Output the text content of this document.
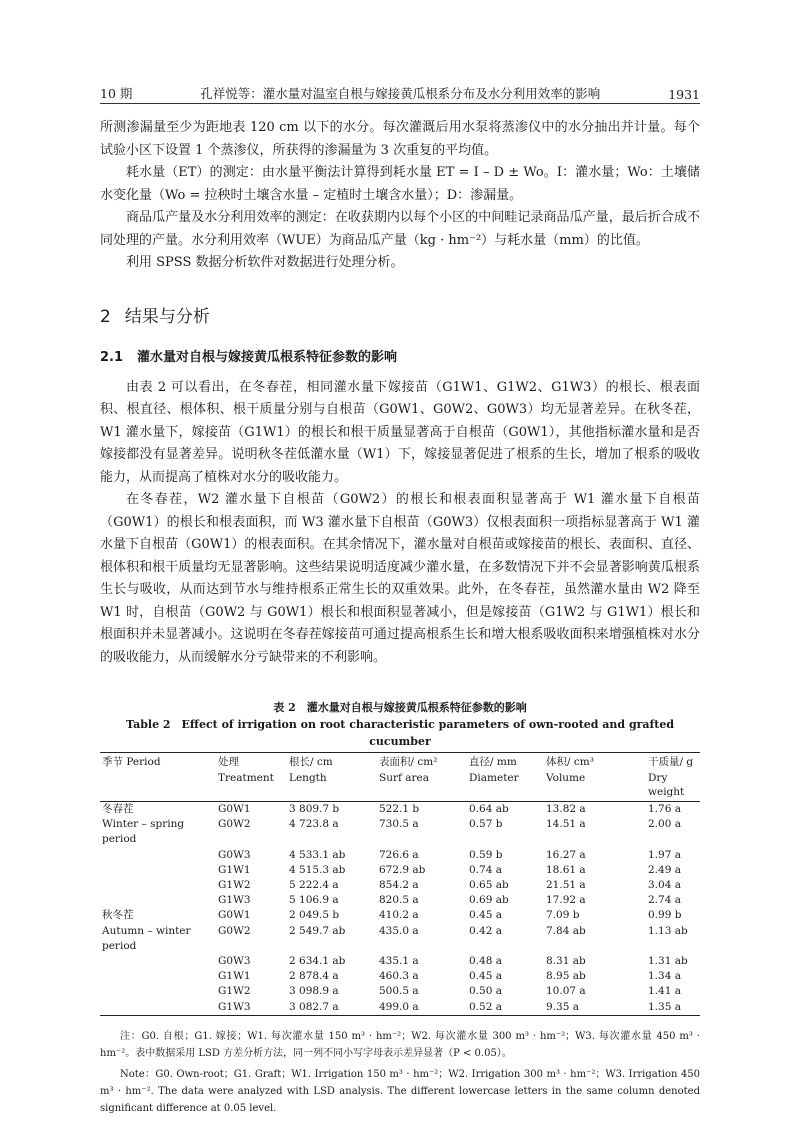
10 期	孔祥悦等：灌水量对温室自根与嫁接黄瓜根系分布及水分利用效率的影响	1931

所测渗漏量至少为距地表 120 cm 以下的水分。每次灌溉后用水泵将蒸渗仪中的水分抽出并计量。每个试验小区下设置 1 个蒸渗仪，所获得的渗漏量为 3 次重复的平均值。

耗水量（ET）的测定：由水量平衡法计算得到耗水量 ET = I – D ± Wo。I：灌水量；Wo：土壤储水变化量（Wo = 拉秧时土壤含水量 – 定植时土壤含水量）；D：渗漏量。

商品瓜产量及水分利用效率的测定：在收获期内以每个小区的中间畦记录商品瓜产量，最后折合成不同处理的产量。水分利用效率（WUE）为商品瓜产量（kg · hm⁻²）与耗水量（mm）的比值。

利用 SPSS 数据分析软件对数据进行处理分析。

2 结果与分析
2.1 灌水量对自根与嫁接黄瓜根系特征参数的影响

由表 2 可以看出，在冬春茬，相同灌水量下嫁接苗（G1W1、G1W2、G1W3）的根长、根表面积、根直径、根体积、根干质量分别与自根苗（G0W1、G0W2、G0W3）均无显著差异。在秋冬茬，W1 灌水量下，嫁接苗（G1W1）的根长和根干质量显著高于自根苗（G0W1），其他指标灌水量和是否嫁接都没有显著差异。说明秋冬茬低灌水量（W1）下，嫁接显著促进了根系的生长，增加了根系的吸收能力，从而提高了植株对水分的吸收能力。

在冬春茬，W2 灌水量下自根苗（G0W2）的根长和根表面积显著高于 W1 灌水量下自根苗（G0W1）的根长和根表面积，而 W3 灌水量下自根苗（G0W3）仅根表面积一项指标显著高于 W1 灌水量下自根苗（G0W1）的根表面积。在其余情况下，灌水量对自根苗或嫁接苗的根长、表面积、直径、根体积和根干质量均无显著影响。这些结果说明适度减少灌水量，在多数情况下并不会显著影响黄瓜根系生长与吸收，从而达到节水与维持根系正常生长的双重效果。此外，在冬春茬，虽然灌水量由 W2 降至 W1 时，自根苗（G0W2 与 G0W1）根长和根面积显著减小，但是嫁接苗（G1W2 与 G1W1）根长和根面积并未显著减小。这说明在冬春茬嫁接苗可通过提高根系生长和增大根系吸收面积来增强植株对水分的吸收能力，从而缓解水分亏缺带来的不利影响。

表 2　灌水量对自根与嫁接黄瓜根系特征参数的影响
Table 2　Effect of irrigation on root characteristic parameters of own-rooted and grafted cucumber
季节 Period	处理	根长/ cm	表面积/ cm²	直径/ mm	体积/ cm³	干质量/ g
	Treatment	Length	Surf area	Diameter	Volume	Dry weight
冬春茬	G0W1	3 809.7 b	522.1 b	0.64 ab	13.82 a	1.76 a
Winter – spring period	G0W2	4 723.8 a	730.5 a	0.57 b	14.51 a	2.00 a
	G0W3	4 533.1 ab	726.6 a	0.59 b	16.27 a	1.97 a
	G1W1	4 515.3 ab	672.9 ab	0.74 a	18.61 a	2.49 a
	G1W2	5 222.4 a	854.2 a	0.65 ab	21.51 a	3.04 a
	G1W3	5 106.9 a	820.5 a	0.69 ab	17.92 a	2.74 a
秋冬茬	G0W1	2 049.5 b	410.2 a	0.45 a	7.09 b	0.99 b
Autumn – winter period	G0W2	2 549.7 ab	435.0 a	0.42 a	7.84 ab	1.13 ab
	G0W3	2 634.1 ab	435.1 a	0.48 a	8.31 ab	1.31 ab
	G1W1	2 878.4 a	460.3 a	0.45 a	8.95 ab	1.34 a
	G1W2	3 098.9 a	500.5 a	0.50 a	10.07 a	1.41 a
	G1W3	3 082.7 a	499.0 a	0.52 a	9.35 a	1.35 a

注：G0. 自根；G1. 嫁接；W1. 每次灌水量 150 m³ · hm⁻²；W2. 每次灌水量 300 m³ · hm⁻²；W3. 每次灌水量 450 m³ · hm⁻²。表中数据采用 LSD 方差分析方法，同一列不同小写字母表示差异显著（P < 0.05）。

Note：G0. Own-root；G1. Graft；W1. Irrigation 150 m³ · hm⁻²；W2. Irrigation 300 m³ · hm⁻²；W3. Irrigation 450 m³ · hm⁻². The data were analyzed with LSD analysis. The different lowercase letters in the same column denoted significant difference at 0.05 level.
